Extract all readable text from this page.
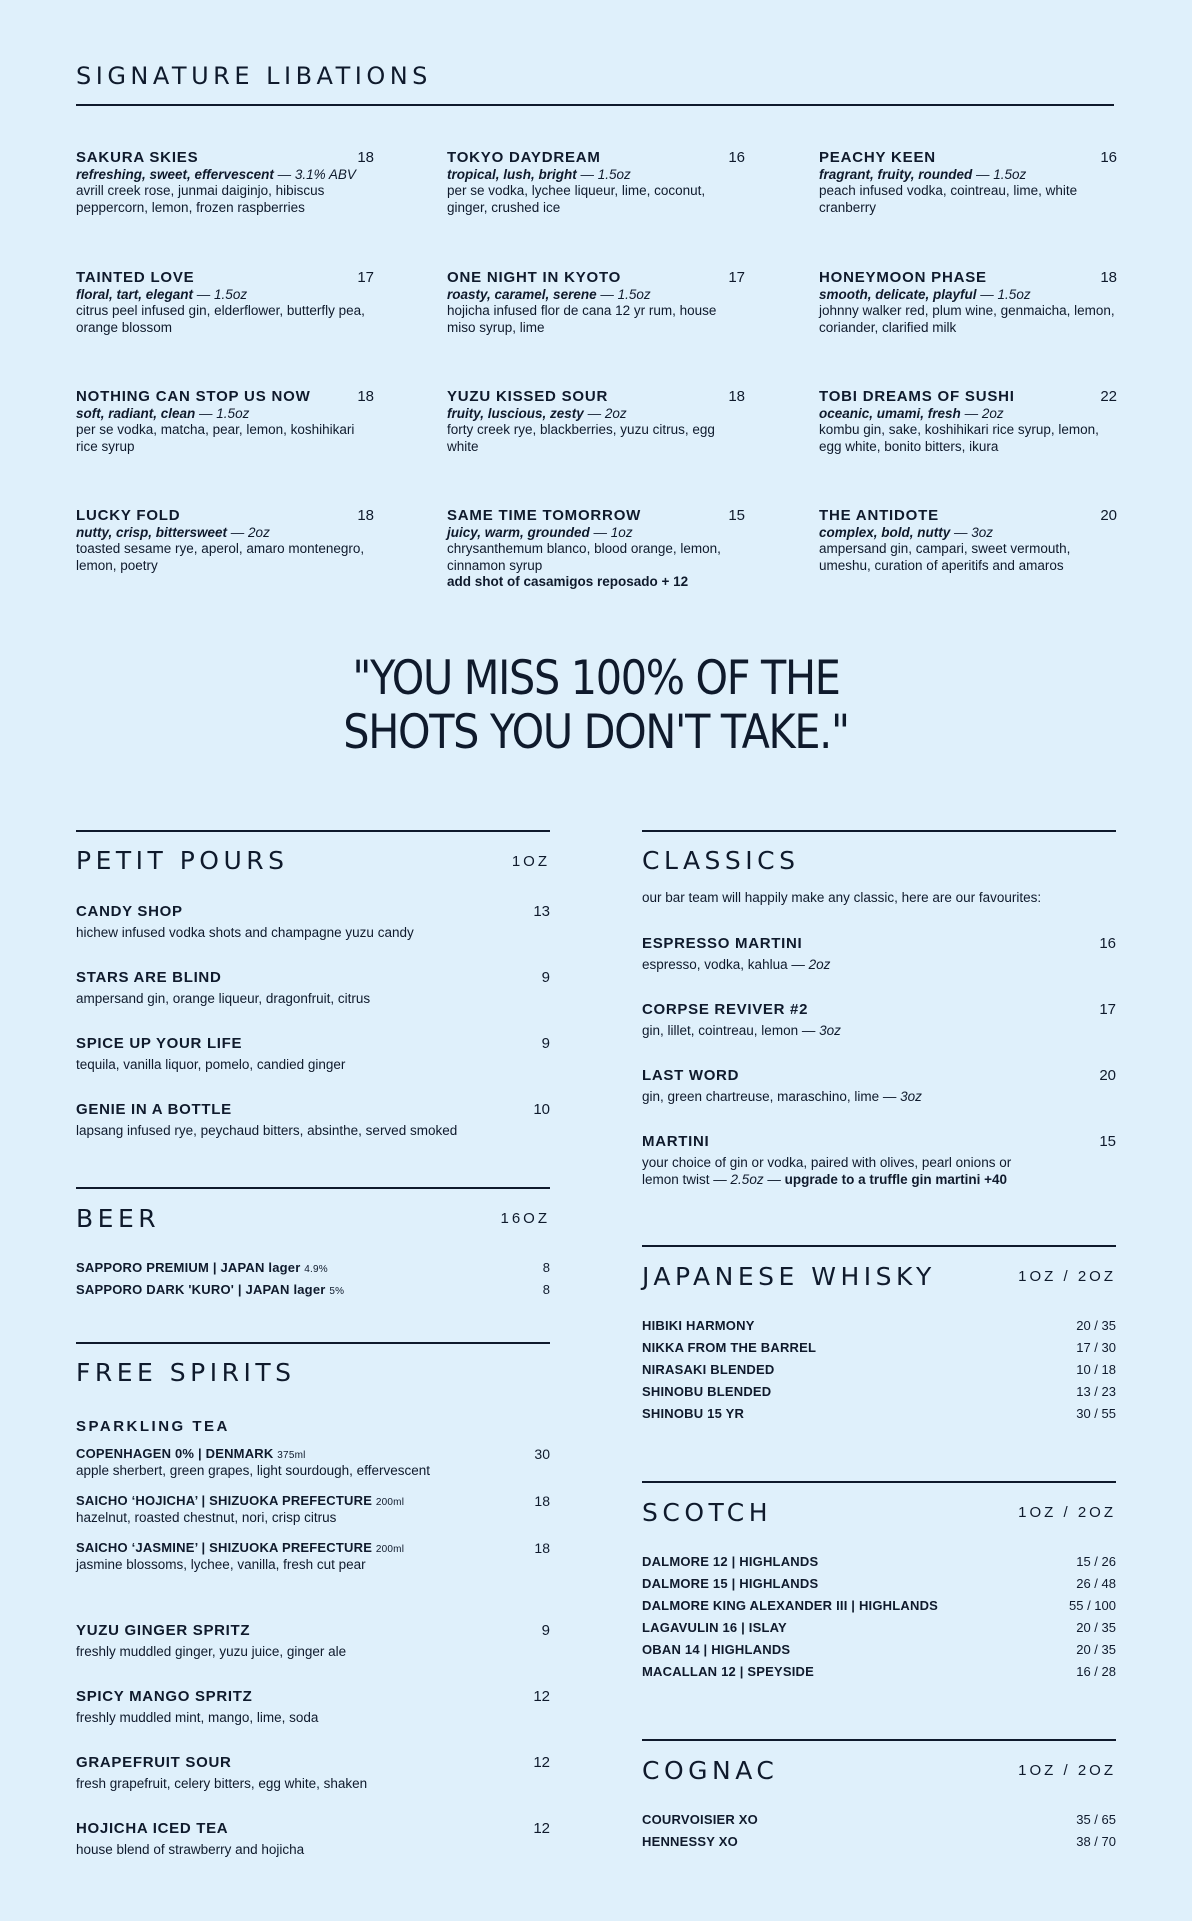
SIGNATURE LIBATIONS
SAKURA SKIES	18
refreshing, sweet, effervescent — 3.1% ABV
avrill creek rose, junmai daiginjo, hibiscus peppercorn, lemon, frozen raspberries
TOKYO DAYDREAM	16
tropical, lush, bright — 1.5oz
per se vodka, lychee liqueur, lime, coconut, ginger, crushed ice
PEACHY KEEN	16
fragrant, fruity, rounded — 1.5oz
peach infused vodka, cointreau, lime, white cranberry
TAINTED LOVE	17
floral, tart, elegant — 1.5oz
citrus peel infused gin, elderflower, butterfly pea, orange blossom
ONE NIGHT IN KYOTO	17
roasty, caramel, serene — 1.5oz
hojicha infused flor de cana 12 yr rum, house miso syrup, lime
HONEYMOON PHASE	18
smooth, delicate, playful — 1.5oz
johnny walker red, plum wine, genmaicha, lemon, coriander, clarified milk
NOTHING CAN STOP US NOW	18
soft, radiant, clean — 1.5oz
per se vodka, matcha, pear, lemon, koshihikari rice syrup
YUZU KISSED SOUR	18
fruity, luscious, zesty — 2oz
forty creek rye, blackberries, yuzu citrus, egg white
TOBI DREAMS OF SUSHI	22
oceanic, umami, fresh — 2oz
kombu gin, sake, koshihikari rice syrup, lemon, egg white, bonito bitters, ikura
LUCKY FOLD	18
nutty, crisp, bittersweet — 2oz
toasted sesame rye, aperol, amaro montenegro, lemon, poetry
SAME TIME TOMORROW	15
juicy, warm, grounded — 1oz
chrysanthemum blanco, blood orange, lemon, cinnamon syrup
add shot of casamigos reposado + 12
THE ANTIDOTE	20
complex, bold, nutty — 3oz
ampersand gin, campari, sweet vermouth, umeshu, curation of aperitifs and amaros
"YOU MISS 100% OF THE
SHOTS YOU DON'T TAKE."
PETIT POURS	1OZ
CANDY SHOP	13
hichew infused vodka shots and champagne yuzu candy
STARS ARE BLIND	9
ampersand gin, orange liqueur, dragonfruit, citrus
SPICE UP YOUR LIFE	9
tequila, vanilla liquor, pomelo, candied ginger
GENIE IN A BOTTLE	10
lapsang infused rye, peychaud bitters, absinthe, served smoked
BEER	16OZ
SAPPORO PREMIUM | JAPAN lager 4.9%	8
SAPPORO DARK 'KURO' | JAPAN lager 5%	8
FREE SPIRITS
SPARKLING TEA
COPENHAGEN 0% | DENMARK 375ml	30
apple sherbert, green grapes, light sourdough, effervescent
SAICHO ‘HOJICHA’ | SHIZUOKA PREFECTURE 200ml	18
hazelnut, roasted chestnut, nori, crisp citrus
SAICHO ‘JASMINE’ | SHIZUOKA PREFECTURE 200ml	18
jasmine blossoms, lychee, vanilla, fresh cut pear
YUZU GINGER SPRITZ	9
freshly muddled ginger, yuzu juice, ginger ale
SPICY MANGO SPRITZ	12
freshly muddled mint, mango, lime, soda
GRAPEFRUIT SOUR	12
fresh grapefruit, celery bitters, egg white, shaken
HOJICHA ICED TEA	12
house blend of strawberry and hojicha
CLASSICS
our bar team will happily make any classic, here are our favourites:
ESPRESSO MARTINI	16
espresso, vodka, kahlua — 2oz
CORPSE REVIVER #2	17
gin, lillet, cointreau, lemon — 3oz
LAST WORD	20
gin, green chartreuse, maraschino, lime — 3oz
MARTINI	15
your choice of gin or vodka, paired with olives, pearl onions or
lemon twist — 2.5oz — upgrade to a truffle gin martini +40
JAPANESE WHISKY	1OZ / 2OZ
HIBIKI HARMONY	20 / 35
NIKKA FROM THE BARREL	17 / 30
NIRASAKI BLENDED	10 / 18
SHINOBU BLENDED	13 / 23
SHINOBU 15 YR	30 / 55
SCOTCH	1OZ / 2OZ
DALMORE 12 | HIGHLANDS	15 / 26
DALMORE 15 | HIGHLANDS	26 / 48
DALMORE KING ALEXANDER III | HIGHLANDS	55 / 100
LAGAVULIN 16 | ISLAY	20 / 35
OBAN 14 | HIGHLANDS	20 / 35
MACALLAN 12 | SPEYSIDE	16 / 28
COGNAC	1OZ / 2OZ
COURVOISIER XO	35 / 65
HENNESSY XO	38 / 70
